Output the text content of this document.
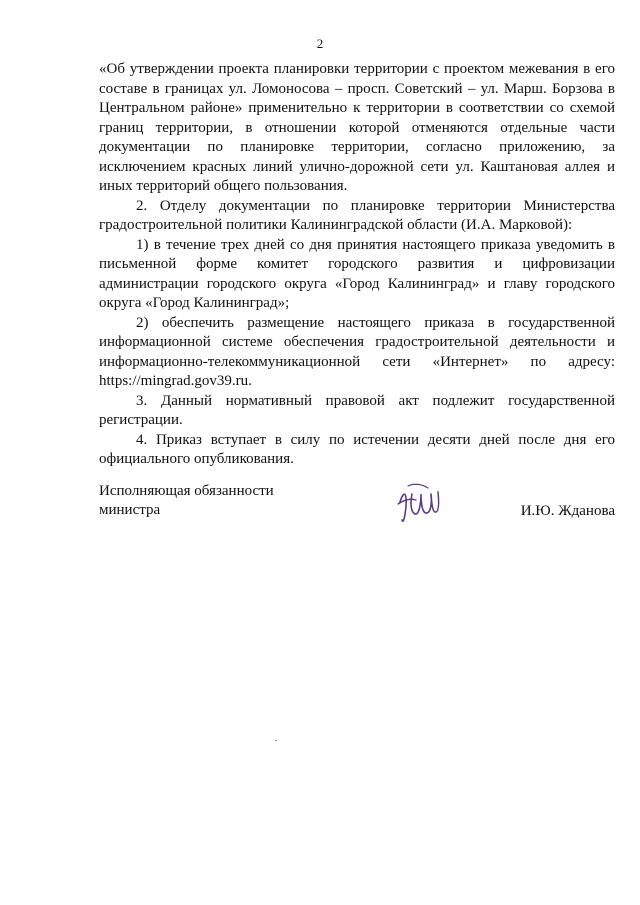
2

«Об утверждении проекта планировки территории с проектом межевания в его составе в границах ул. Ломоносова – просп. Советский – ул. Марш. Борзова в Центральном районе» применительно к территории в соответствии со схемой границ территории, в отношении которой отменяются отдельные части документации по планировке территории, согласно приложению, за исключением красных линий улично-дорожной сети ул. Каштановая аллея и иных территорий общего пользования.

2. Отделу документации по планировке территории Министерства градостроительной политики Калининградской области (И.А. Марковой):

1) в течение трех дней со дня принятия настоящего приказа уведомить в письменной форме комитет городского развития и цифровизации администрации городского округа «Город Калининград» и главу городского округа «Город Калининград»;

2) обеспечить размещение настоящего приказа в государственной информационной системе обеспечения градостроительной деятельности и информационно-телекоммуникационной сети «Интернет» по адресу: https://mingrad.gov39.ru.

3. Данный нормативный правовой акт подлежит государственной регистрации.

4. Приказ вступает в силу по истечении десяти дней после дня его официального опубликования.

Исполняющая обязанности
министра	И.Ю. Жданова
